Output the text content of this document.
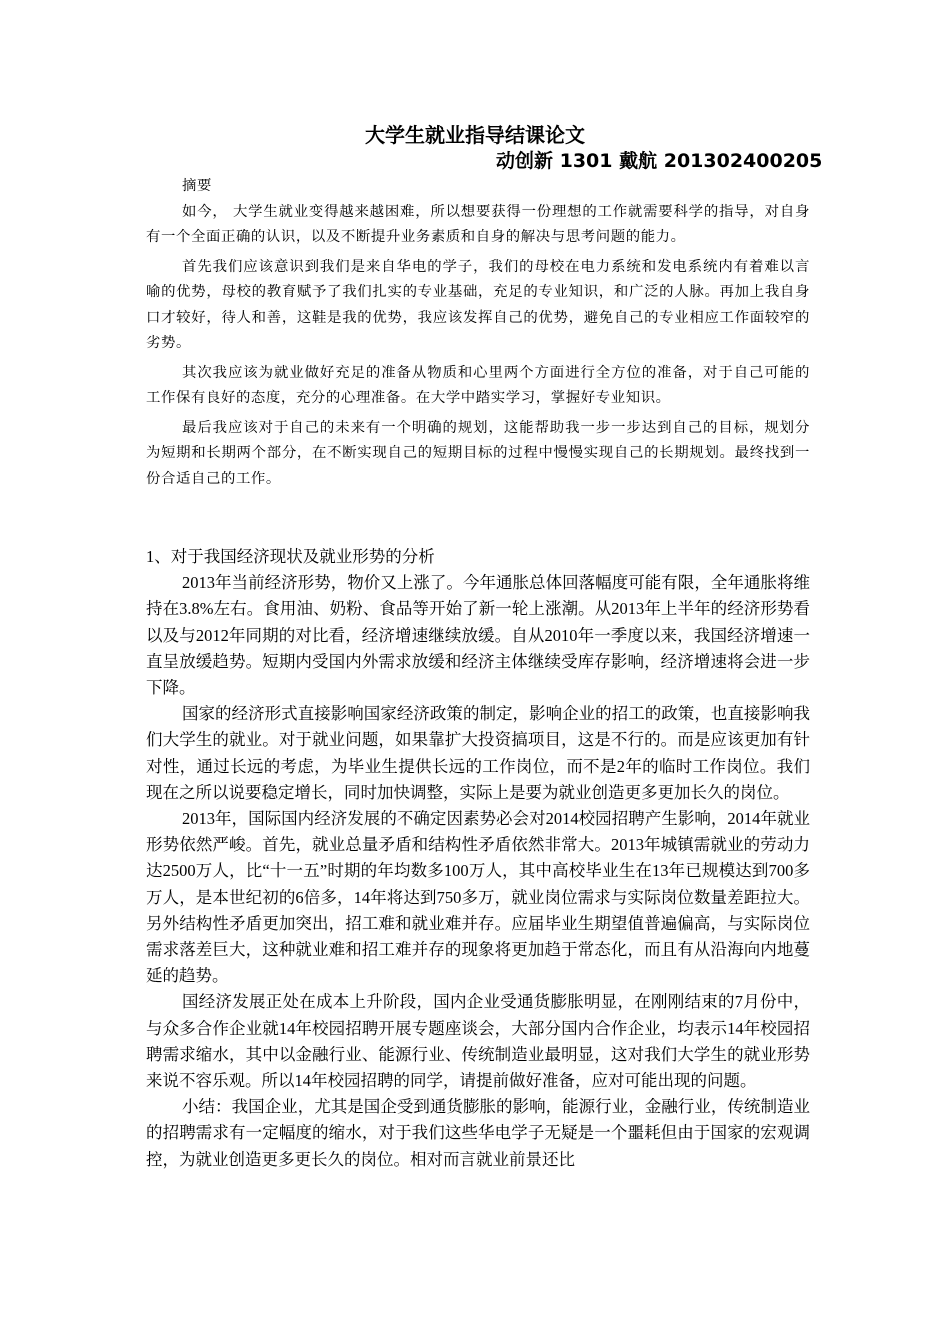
大学生就业指导结课论文
动创新 1301 戴航 201302400205
摘要

如今， 大学生就业变得越来越困难，所以想要获得一份理想的工作就需要科学的指导，对自身有一个全面正确的认识，以及不断提升业务素质和自身的解决与思考问题的能力。

首先我们应该意识到我们是来自华电的学子，我们的母校在电力系统和发电系统内有着难以言喻的优势，母校的教育赋予了我们扎实的专业基础，充足的专业知识，和广泛的人脉。再加上我自身口才较好，待人和善，这鞋是我的优势，我应该发挥自己的优势，避免自己的专业相应工作面较窄的劣势。

其次我应该为就业做好充足的准备从物质和心里两个方面进行全方位的准备，对于自己可能的工作保有良好的态度，充分的心理准备。在大学中踏实学习，掌握好专业知识。

最后我应该对于自己的未来有一个明确的规划，这能帮助我一步一步达到自己的目标，规划分为短期和长期两个部分，在不断实现自己的短期目标的过程中慢慢实现自己的长期规划。最终找到一份合适自己的工作。

1、对于我国经济现状及就业形势的分析

2013年当前经济形势，物价又上涨了。今年通胀总体回落幅度可能有限，全年通胀将维持在3.8%左右。食用油、奶粉、食品等开始了新一轮上涨潮。从2013年上半年的经济形势看以及与2012年同期的对比看，经济增速继续放缓。自从2010年一季度以来，我国经济增速一直呈放缓趋势。短期内受国内外需求放缓和经济主体继续受库存影响，经济增速将会进一步下降。

国家的经济形式直接影响国家经济政策的制定，影响企业的招工的政策，也直接影响我们大学生的就业。对于就业问题，如果靠扩大投资搞项目，这是不行的。而是应该更加有针对性，通过长远的考虑，为毕业生提供长远的工作岗位，而不是2年的临时工作岗位。我们现在之所以说要稳定增长，同时加快调整，实际上是要为就业创造更多更加长久的岗位。

2013年，国际国内经济发展的不确定因素势必会对2014校园招聘产生影响，2014年就业形势依然严峻。首先，就业总量矛盾和结构性矛盾依然非常大。2013年城镇需就业的劳动力达2500万人，比“十一五”时期的年均数多100万人，其中高校毕业生在13年已规模达到700多万人，是本世纪初的6倍多，14年将达到750多万，就业岗位需求与实际岗位数量差距拉大。另外结构性矛盾更加突出，招工难和就业难并存。应届毕业生期望值普遍偏高，与实际岗位需求落差巨大，这种就业难和招工难并存的现象将更加趋于常态化，而且有从沿海向内地蔓延的趋势。

国经济发展正处在成本上升阶段，国内企业受通货膨胀明显，在刚刚结束的7月份中，与众多合作企业就14年校园招聘开展专题座谈会，大部分国内合作企业，均表示14年校园招聘需求缩水，其中以金融行业、能源行业、传统制造业最明显，这对我们大学生的就业形势来说不容乐观。所以14年校园招聘的同学，请提前做好准备，应对可能出现的问题。

小结：我国企业，尤其是国企受到通货膨胀的影响，能源行业，金融行业，传统制造业的招聘需求有一定幅度的缩水，对于我们这些华电学子无疑是一个噩耗但由于国家的宏观调控，为就业创造更多更长久的岗位。相对而言就业前景还比
